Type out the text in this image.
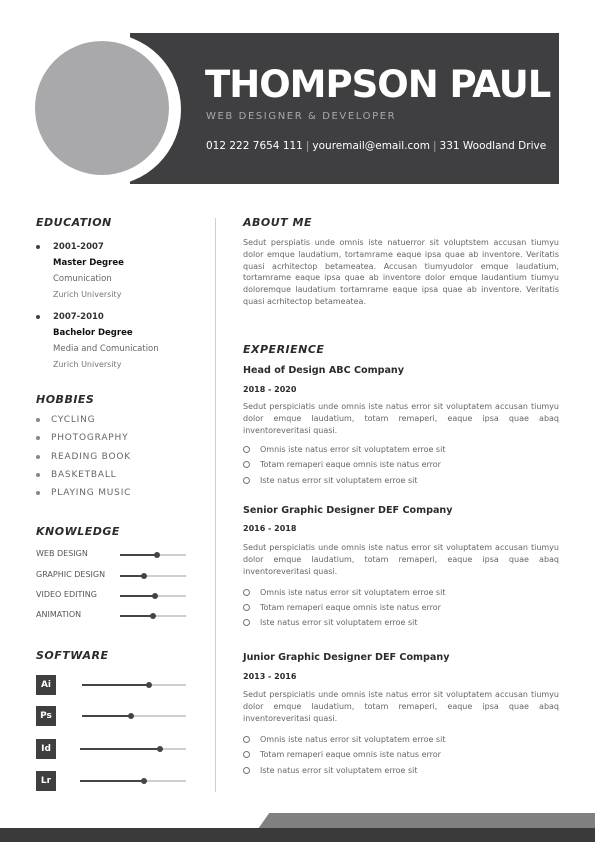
THOMPSON PAUL
WEB DESIGNER & DEVELOPER
012 222 7654 111 | youremail@email.com | 331 Woodland Drive
EDUCATION
2001-2007
Master Degree
Comunication
Zurich University
2007-2010
Bachelor Degree
Media and Comunication
Zurich University
HOBBIES
CYCLING
PHOTOGRAPHY
READING BOOK
BASKETBALL
PLAYING MUSIC
KNOWLEDGE
WEB DESIGN
GRAPHIC DESIGN
VIDEO EDITING
ANIMATION
SOFTWARE
Ai
Ps
Id
Lr
ABOUT ME
Sedut perspiatis unde omnis iste natuerror sit voluptstem accusan tiumyu dolor emque laudatium, tortamrame eaque ipsa quae ab inventore. Veritatis quasi acrhitectop betameatea. Accusan tiumyudolor emque laudatium, tortamrame eaque ipsa quae ab inventore dolor emque laudantium tiumyu doloremque laudatium tortamrame eaque ipsa quae ab inventore. Veritatis quasi acrhitectop betameatea.
EXPERIENCE
Head of Design ABC Company
2018 - 2020
Sedut perspiciatis unde omnis iste natus error sit voluptatem accusan tiumyu dolor emque laudatium, totam remaperi, eaque ipsa quae abaq inventoreveritasi quasi.
Omnis iste natus error sit voluptatem erroe sit
Totam remaperi eaque omnis iste natus error
Iste natus error sit voluptatem erroe sit
Senior Graphic Designer DEF Company
2016 - 2018
Sedut perspiciatis unde omnis iste natus error sit voluptatem accusan tiumyu dolor emque laudatium, totam remaperi, eaque ipsa quae abaq inventoreveritasi quasi.
Omnis iste natus error sit voluptatem erroe sit
Totam remaperi eaque omnis iste natus error
Iste natus error sit voluptatem erroe sit
Junior Graphic Designer DEF Company
2013 - 2016
Sedut perspiciatis unde omnis iste natus error sit voluptatem accusan tiumyu dolor emque laudatium, totam remaperi, eaque ipsa quae abaq inventoreveritasi quasi.
Omnis iste natus error sit voluptatem erroe sit
Totam remaperi eaque omnis iste natus error
Iste natus error sit voluptatem erroe sit
